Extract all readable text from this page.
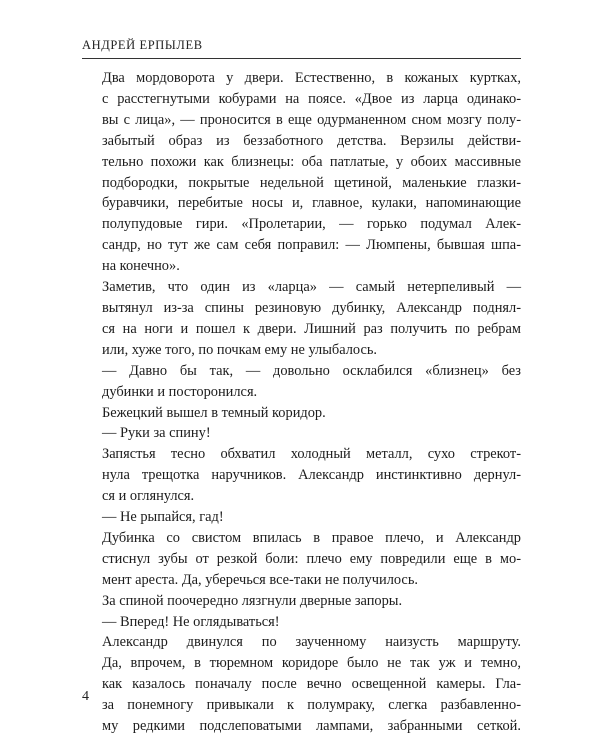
АНДРЕЙ ЕРПЫЛЕВ

Два мордоворота у двери. Естественно, в кожаных куртках,
с расстегнутыми кобурами на поясе. «Двое из ларца одинако-
вы с лица», — проносится в еще одурманенном сном мозгу полу-
забытый образ из беззаботного детства. Верзилы действи-
тельно похожи как близнецы: оба патлатые, у обоих массивные
подбородки, покрытые недельной щетиной, маленькие глазки-
буравчики, перебитые носы и, главное, кулаки, напоминающие
полупудовые гири. «Пролетарии, — горько подумал Алек-
сандр, но тут же сам себя поправил: — Люмпены, бывшая шпа-
на конечно».

Заметив, что один из «ларца» — самый нетерпеливый —
вытянул из-за спины резиновую дубинку, Александр поднял-
ся на ноги и пошел к двери. Лишний раз получить по ребрам
или, хуже того, по почкам ему не улыбалось.

— Давно бы так, — довольно осклабился «близнец» без
дубинки и посторонился.

Бежецкий вышел в темный коридор.

— Руки за спину!

Запястья тесно обхватил холодный металл, сухо стрекот-
нула трещотка наручников. Александр инстинктивно дернул-
ся и оглянулся.

— Не рыпайся, гад!

Дубинка со свистом впилась в правое плечо, и Александр
стиснул зубы от резкой боли: плечо ему повредили еще в мо-
мент ареста. Да, уберечься все-таки не получилось.

За спиной поочередно лязгнули дверные запоры.

— Вперед! Не оглядываться!

Александр двинулся по заученному наизусть маршруту.
Да, впрочем, в тюремном коридоре было не так уж и темно,
как казалось поначалу после вечно освещенной камеры. Гла-
за понемногу привыкали к полумраку, слегка разбавленно-
му редкими подслеповатыми лампами, забранными сеткой.

4
